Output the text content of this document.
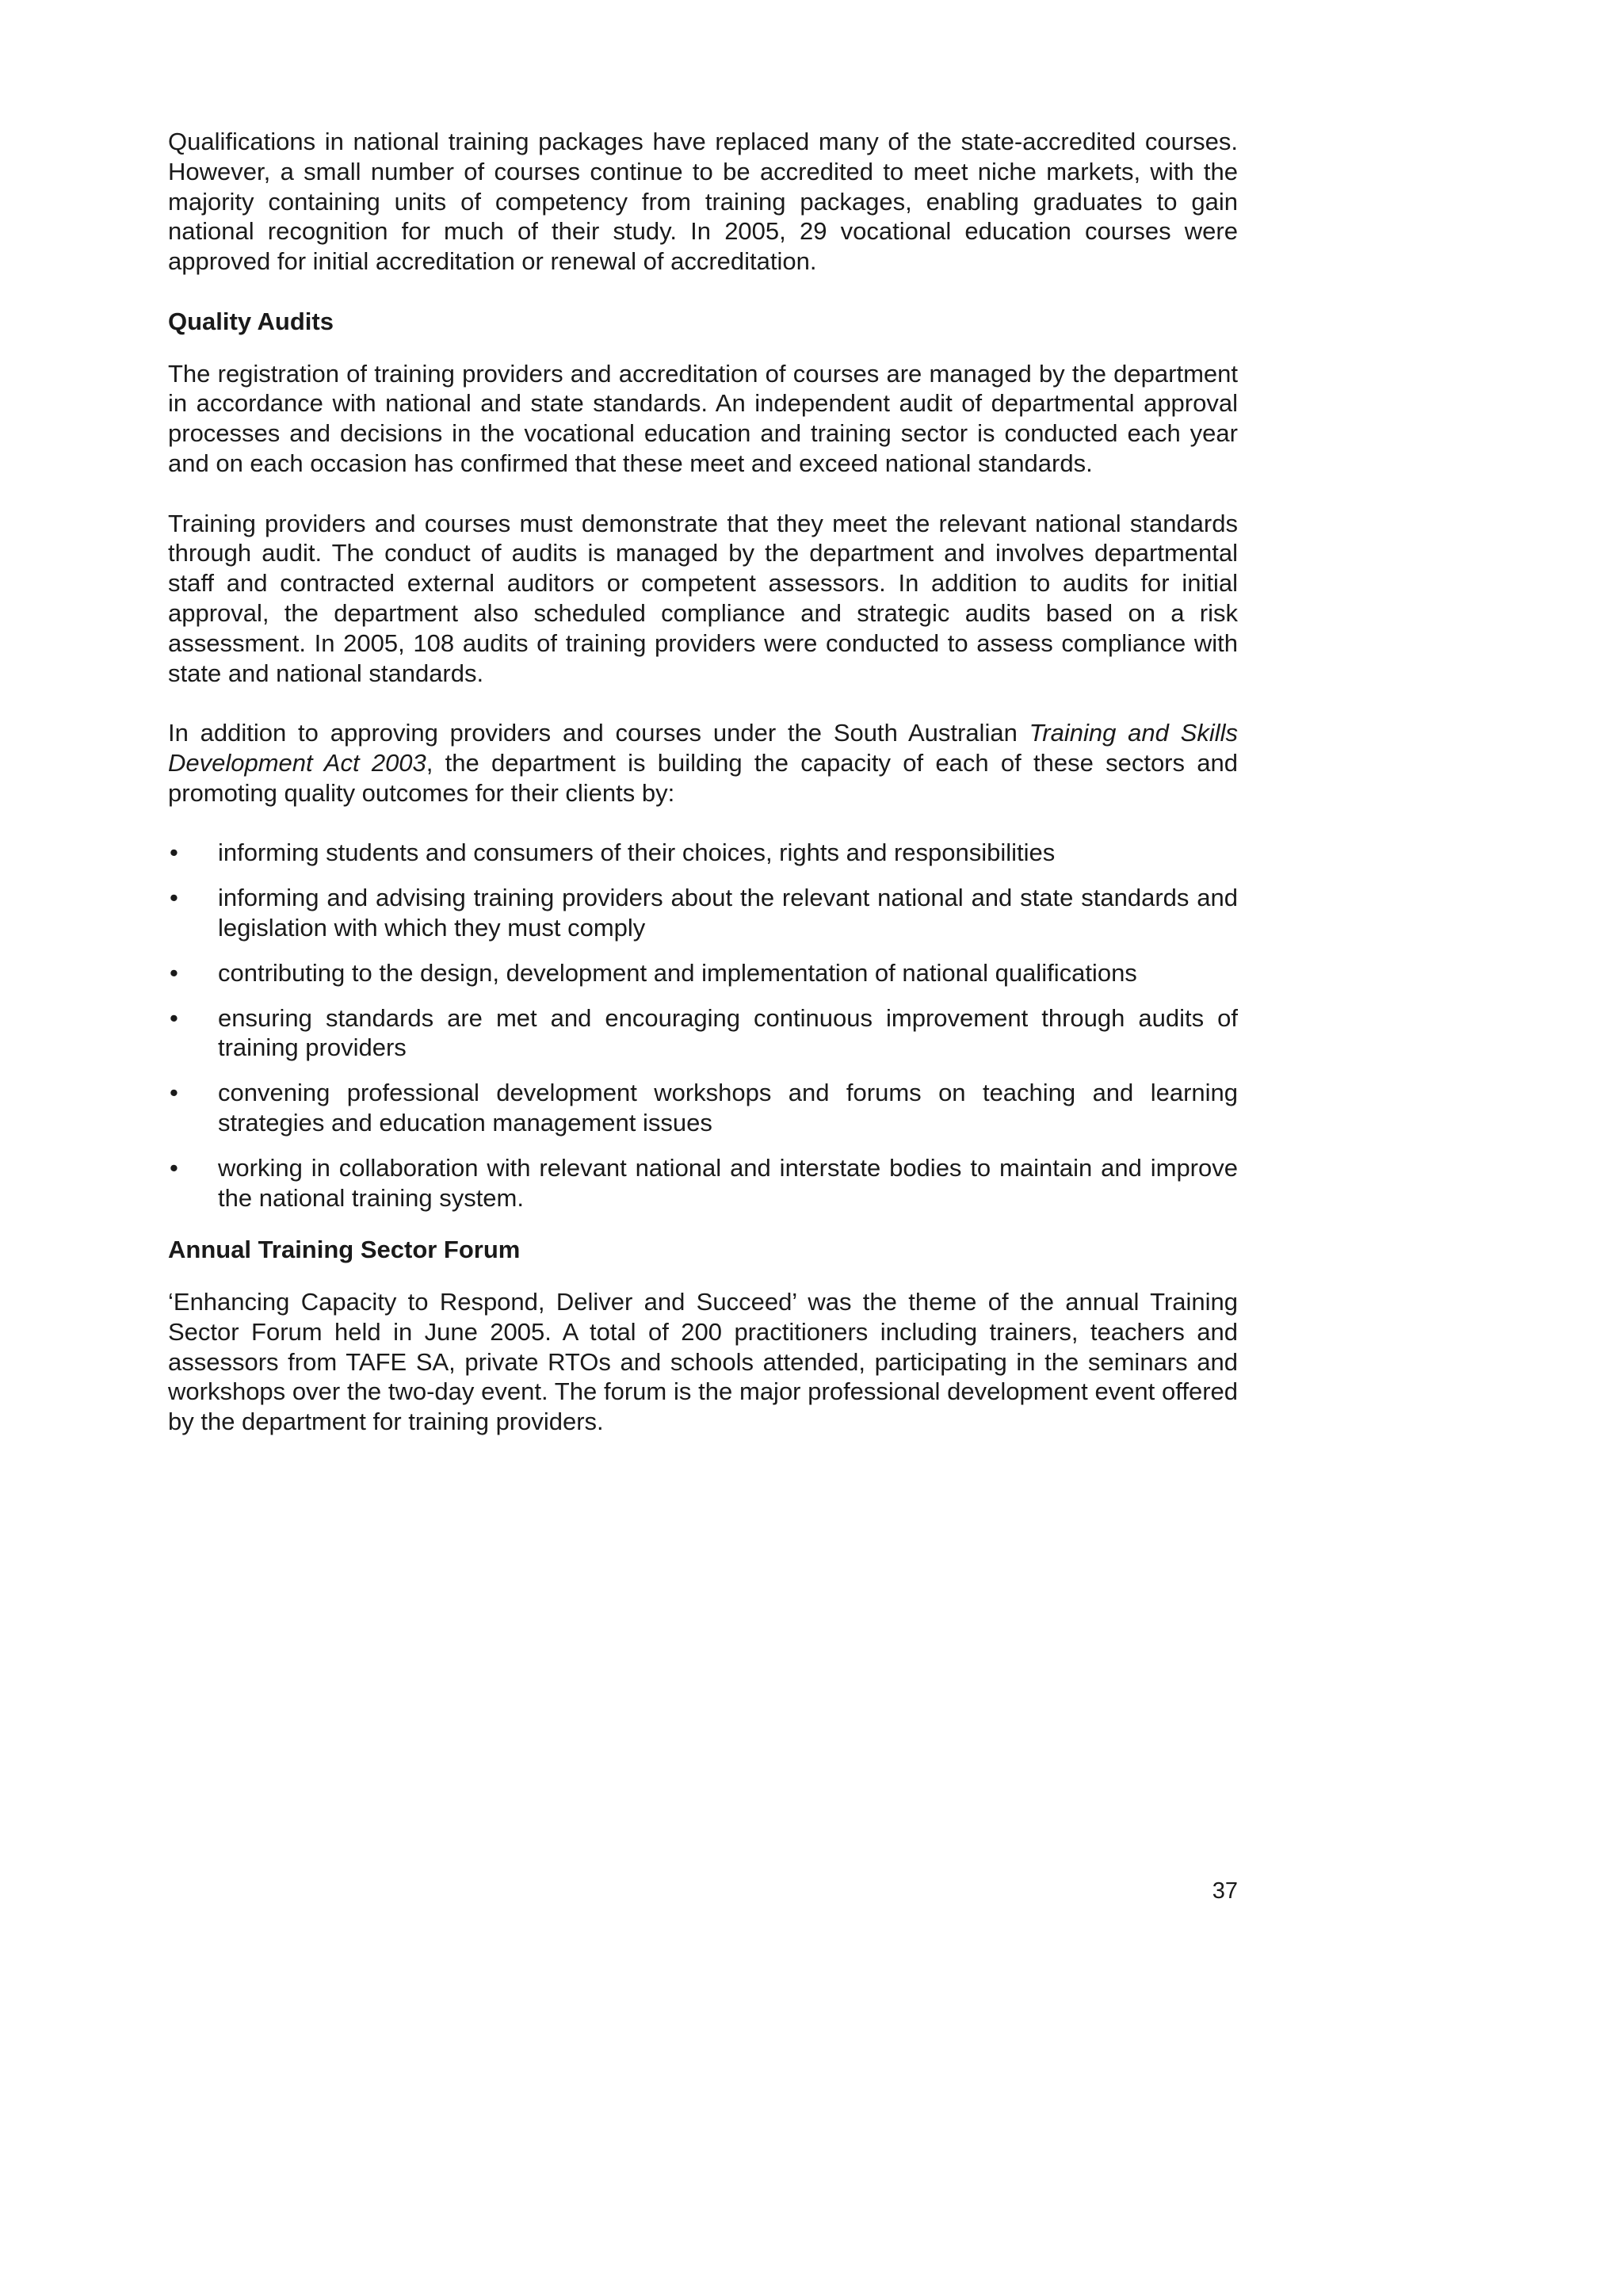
Qualifications in national training packages have replaced many of the state-accredited courses. However, a small number of courses continue to be accredited to meet niche markets, with the majority containing units of competency from training packages, enabling graduates to gain national recognition for much of their study. In 2005, 29 vocational education courses were approved for initial accreditation or renewal of accreditation.

Quality Audits

The registration of training providers and accreditation of courses are managed by the department in accordance with national and state standards. An independent audit of departmental approval processes and decisions in the vocational education and training sector is conducted each year and on each occasion has confirmed that these meet and exceed national standards.

Training providers and courses must demonstrate that they meet the relevant national standards through audit. The conduct of audits is managed by the department and involves departmental staff and contracted external auditors or competent assessors. In addition to audits for initial approval, the department also scheduled compliance and strategic audits based on a risk assessment. In 2005, 108 audits of training providers were conducted to assess compliance with state and national standards.

In addition to approving providers and courses under the South Australian Training and Skills Development Act 2003, the department is building the capacity of each of these sectors and promoting quality outcomes for their clients by:

• informing students and consumers of their choices, rights and responsibilities
• informing and advising training providers about the relevant national and state standards and legislation with which they must comply
• contributing to the design, development and implementation of national qualifications
• ensuring standards are met and encouraging continuous improvement through audits of training providers
• convening professional development workshops and forums on teaching and learning strategies and education management issues
• working in collaboration with relevant national and interstate bodies to maintain and improve the national training system.
Annual Training Sector Forum

‘Enhancing Capacity to Respond, Deliver and Succeed’ was the theme of the annual Training Sector Forum held in June 2005. A total of 200 practitioners including trainers, teachers and assessors from TAFE SA, private RTOs and schools attended, participating in the seminars and workshops over the two-day event. The forum is the major professional development event offered by the department for training providers.

37
